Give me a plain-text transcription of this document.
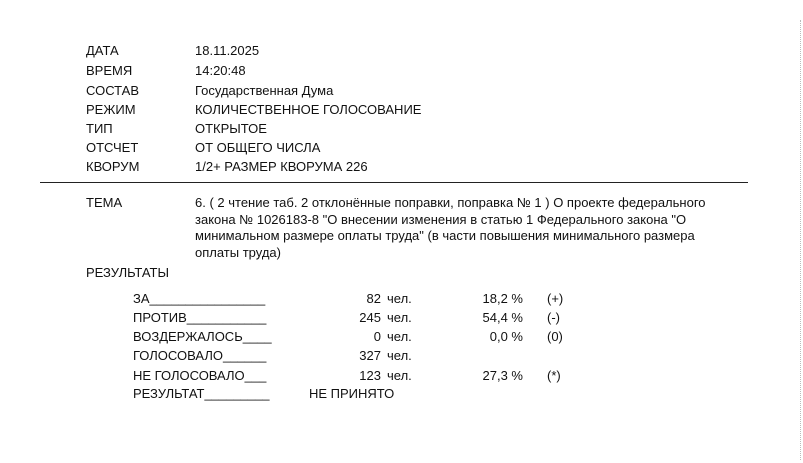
ДАТА	18.11.2025
ВРЕМЯ	14:20:48
СОСТАВ	Государственная Дума
РЕЖИМ	КОЛИЧЕСТВЕННОЕ ГОЛОСОВАНИЕ
ТИП	ОТКРЫТОЕ
ОТСЧЕТ	ОТ ОБЩЕГО ЧИСЛА
КВОРУМ	1/2+ РАЗМЕР КВОРУМА 226
ТЕМА	6. ( 2 чтение таб. 2 отклонённые поправки, поправка № 1 ) О проекте федерального закона № 1026183-8 "О внесении изменения в статью 1 Федерального закона "О минимальном размере оплаты труда" (в части повышения минимального размера оплаты труда)
РЕЗУЛЬТАТЫ
ЗА________________	82 чел.	18,2 % (+)
ПРОТИВ___________	245 чел.	54,4 % (-)
ВОЗДЕРЖАЛОСЬ____	0 чел.	0,0 % (0)
ГОЛОСОВАЛО______	327 чел.
НЕ ГОЛОСОВАЛО___	123 чел.	27,3 % (*)
РЕЗУЛЬТАТ_________	НЕ ПРИНЯТО
